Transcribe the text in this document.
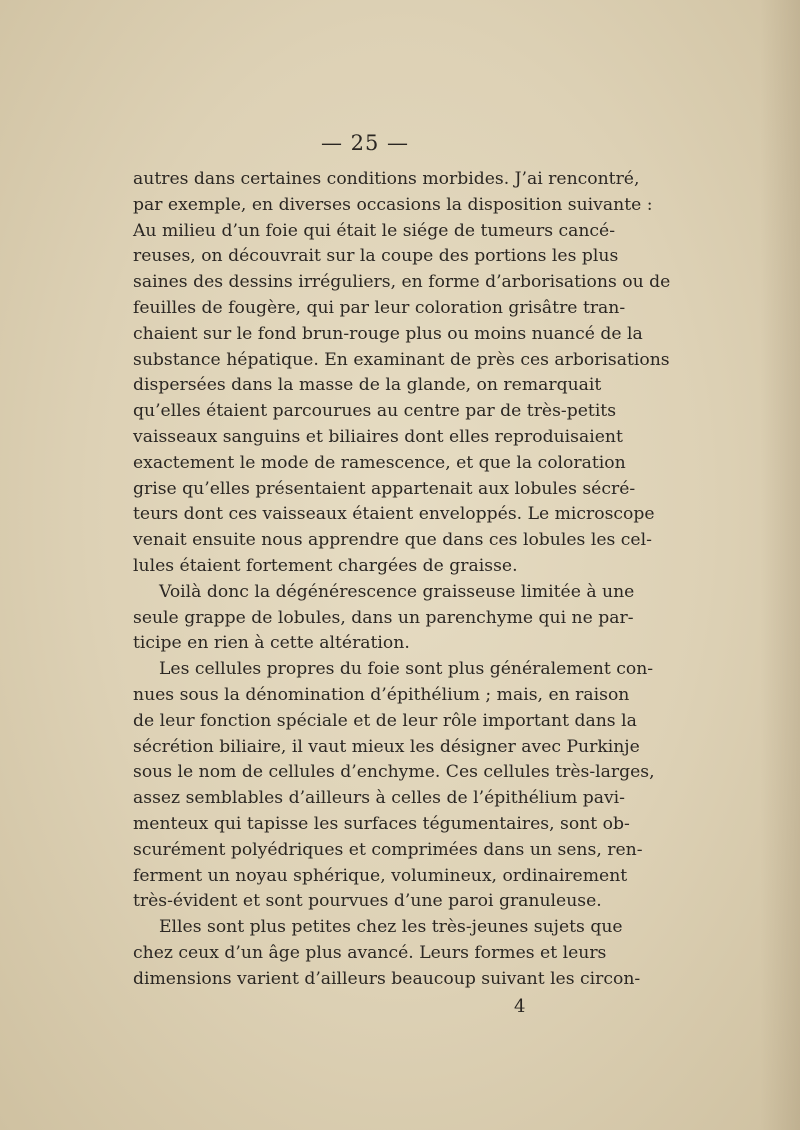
— 25 —
autres dans certaines conditions morbides. J’ai rencontré,
par exemple, en diverses occasions la disposition suivante :
Au milieu d’un foie qui était le siége de tumeurs cancé-
reuses, on découvrait sur la coupe des portions les plus
saines des dessins irréguliers, en forme d’arborisations ou de
feuilles de fougère, qui par leur coloration grisâtre tran-
chaient sur le fond brun-rouge plus ou moins nuancé de la
substance hépatique. En examinant de près ces arborisations
dispersées dans la masse de la glande, on remarquait
qu’elles étaient parcourues au centre par de très-petits
vaisseaux sanguins et biliaires dont elles reproduisaient
exactement le mode de ramescence, et que la coloration
grise qu’elles présentaient appartenait aux lobules sécré-
teurs dont ces vaisseaux étaient enveloppés. Le microscope
venait ensuite nous apprendre que dans ces lobules les cel-
lules étaient fortement chargées de graisse.
Voilà donc la dégénérescence graisseuse limitée à une
seule grappe de lobules, dans un parenchyme qui ne par-
ticipe en rien à cette altération.
Les cellules propres du foie sont plus généralement con-
nues sous la dénomination d’épithélium ; mais, en raison
de leur fonction spéciale et de leur rôle important dans la
sécrétion biliaire, il vaut mieux les désigner avec Purkinje
sous le nom de cellules d’enchyme. Ces cellules très-larges,
assez semblables d’ailleurs à celles de l’épithélium pavi-
menteux qui tapisse les surfaces tégumentaires, sont ob-
scurément polyédriques et comprimées dans un sens, ren-
ferment un noyau sphérique, volumineux, ordinairement
très-évident et sont pourvues d’une paroi granuleuse.
Elles sont plus petites chez les très-jeunes sujets que
chez ceux d’un âge plus avancé. Leurs formes et leurs
dimensions varient d’ailleurs beaucoup suivant les circon-
4
